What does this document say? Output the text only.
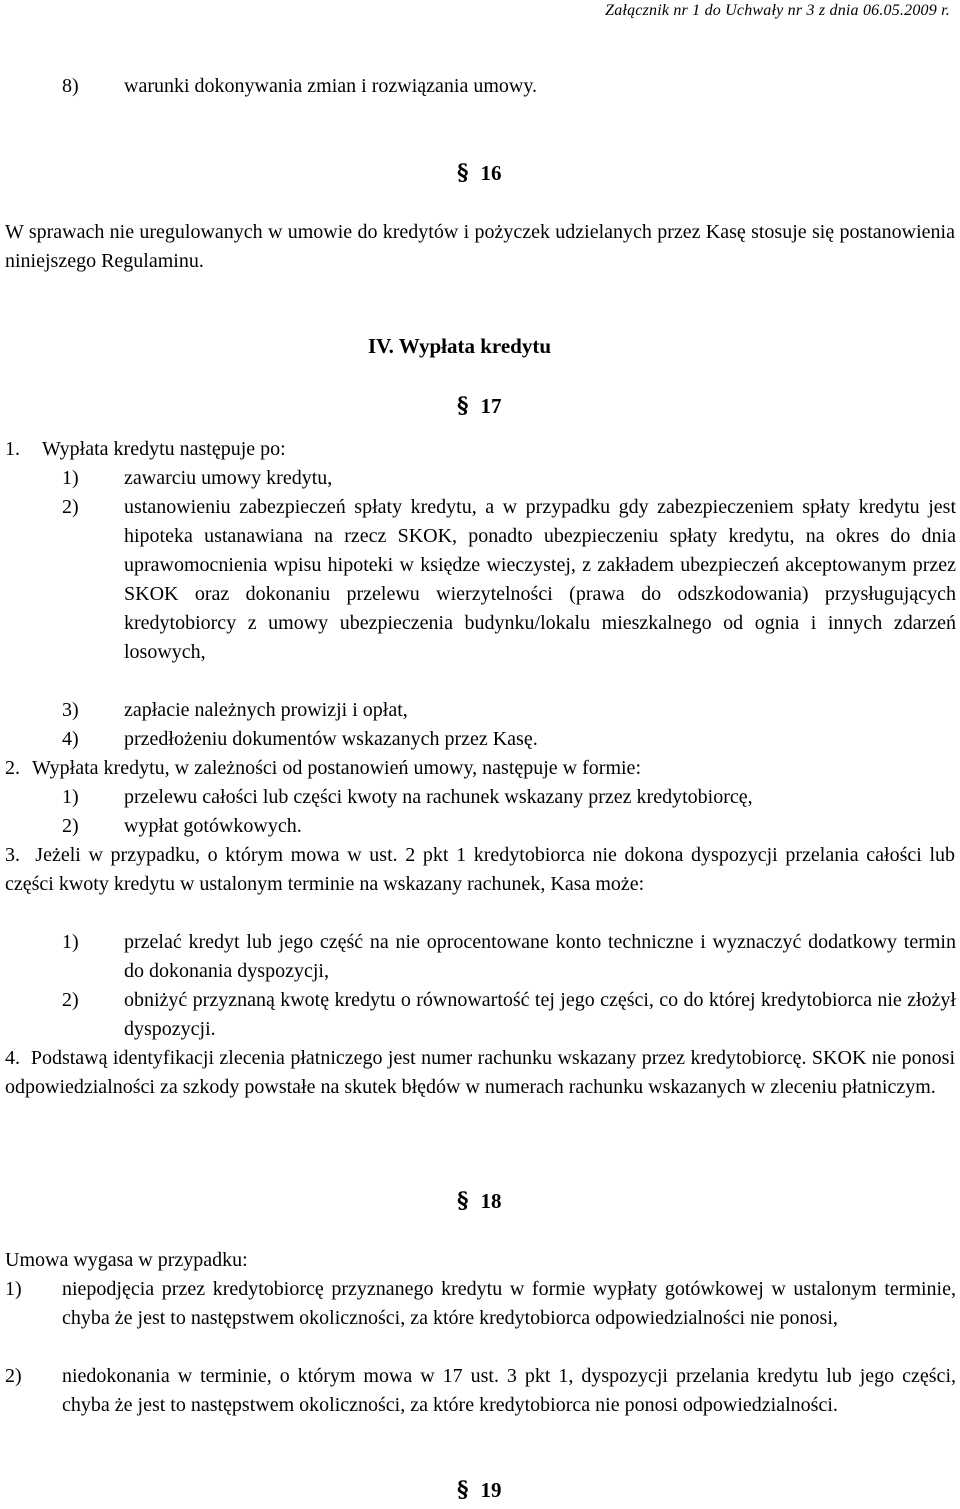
Załącznik nr 1 do Uchwały nr 3 z dnia 06.05.2009 r.
8) warunki dokonywania zmian i rozwiązania umowy.
§ 16
W sprawach nie uregulowanych w umowie do kredytów i pożyczek udzielanych przez Kasę stosuje się postanowienia niniejszego Regulaminu.
IV. Wypłata kredytu
§ 17
1. Wypłata kredytu następuje po:
1) zawarciu umowy kredytu,
2) ustanowieniu zabezpieczeń spłaty kredytu, a w przypadku gdy zabezpieczeniem spłaty kredytu jest hipoteka ustanawiana na rzecz SKOK, ponadto ubezpieczeniu spłaty kredytu, na okres do dnia uprawomocnienia wpisu hipoteki w księdze wieczystej, z zakładem ubezpieczeń akceptowanym przez SKOK oraz dokonaniu przelewu wierzytelności (prawa do odszkodowania) przysługujących kredytobiorcy z umowy ubezpieczenia budynku/lokalu mieszkalnego od ognia i innych zdarzeń losowych,
3) zapłacie należnych prowizji i opłat,
4) przedłożeniu dokumentów wskazanych przez Kasę.
2. Wypłata kredytu, w zależności od postanowień umowy, następuje w formie:
1) przelewu całości lub części kwoty na rachunek wskazany przez kredytobiorcę,
2) wypłat gotówkowych.
3. Jeżeli w przypadku, o którym mowa w ust. 2 pkt 1 kredytobiorca nie dokona dyspozycji przelania całości lub części kwoty kredytu w ustalonym terminie na wskazany rachunek, Kasa może:
1) przelać kredyt lub jego część na nie oprocentowane konto techniczne i wyznaczyć dodatkowy termin do dokonania dyspozycji,
2) obniżyć przyznaną kwotę kredytu o równowartość tej jego części, co do której kredytobiorca nie złożył dyspozycji.
4. Podstawą identyfikacji zlecenia płatniczego jest numer rachunku wskazany przez kredytobiorcę. SKOK nie ponosi odpowiedzialności za szkody powstałe na skutek błędów w numerach rachunku wskazanych w zleceniu płatniczym.
§ 18
Umowa wygasa w przypadku:
1) niepodjęcia przez kredytobiorcę przyznanego kredytu w formie wypłaty gotówkowej w ustalonym terminie, chyba że jest to następstwem okoliczności, za które kredytobiorca odpowiedzialności nie ponosi,
2) niedokonania w terminie, o którym mowa w 17 ust. 3 pkt 1, dyspozycji przelania kredytu lub jego części, chyba że jest to następstwem okoliczności, za które kredytobiorca nie ponosi odpowiedzialności.
§ 19
